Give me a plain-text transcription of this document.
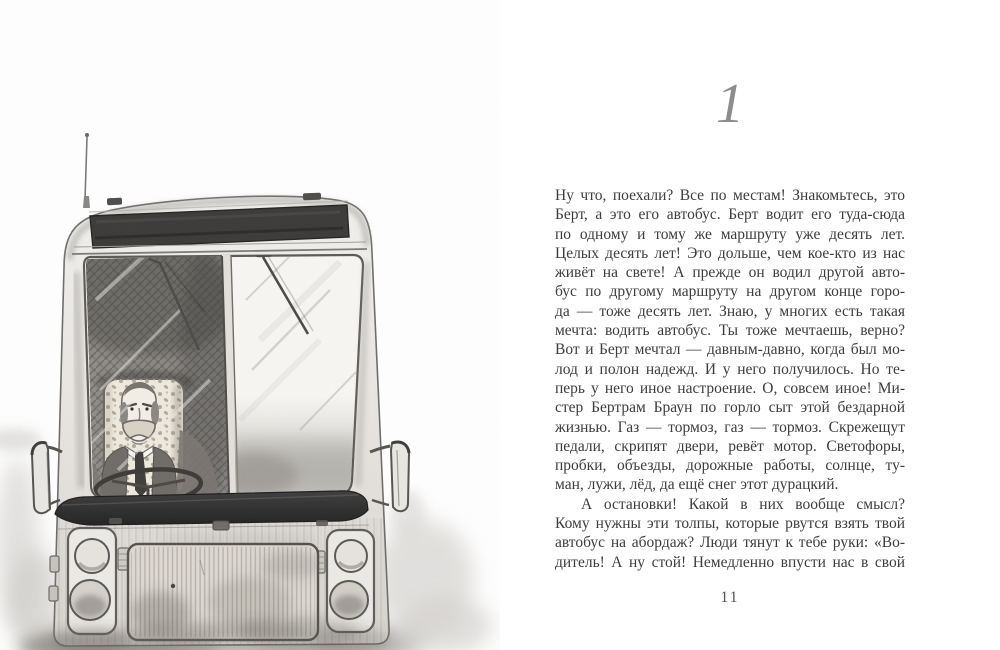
1
Ну что, поехали? Все по местам! Знакомьтесь, это
Берт, а это его автобус. Берт водит его туда-сюда
по одному и тому же маршруту уже десять лет.
Целых десять лет! Это дольше, чем кое-кто из нас
живёт на свете! А прежде он водил другой авто-
бус по другому маршруту на другом конце горо-
да — тоже десять лет. Знаю, у многих есть такая
мечта: водить автобус. Ты тоже мечтаешь, верно?
Вот и Берт мечтал — давным-давно, когда был мо-
лод и полон надежд. И у него получилось. Но те-
перь у него иное настроение. О, совсем иное! Ми-
стер Бертрам Браун по горло сыт этой бездарной
жизнью. Газ — тормоз, газ — тормоз. Скрежещут
педали, скрипят двери, ревёт мотор. Светофоры,
пробки, объезды, дорожные работы, солнце, ту-
ман, лужи, лёд, да ещё снег этот дурацкий.
А остановки! Какой в них вообще смысл?
Кому нужны эти толпы, которые рвутся взять твой
автобус на абордаж? Люди тянут к тебе руки: «Во-
дитель! А ну стой! Немедленно впусти нас в свой
11
